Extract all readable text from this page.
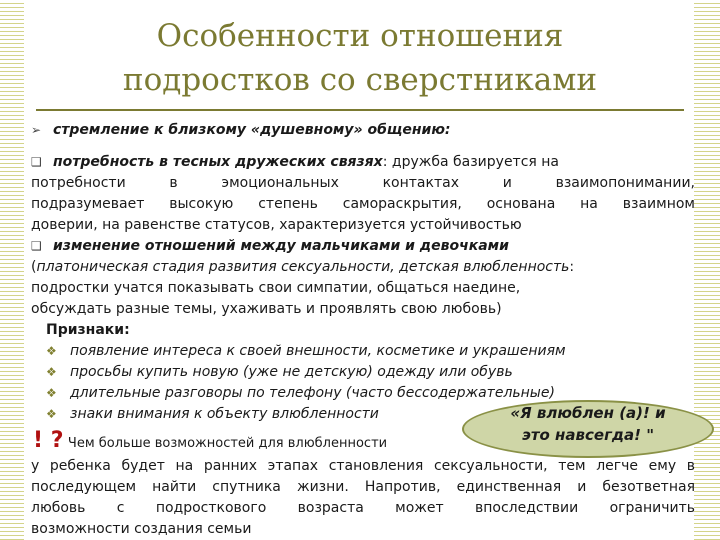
Особенности отношения
подростков со сверстниками
➢ стремление к близкому «душевному» общению:
❑ потребность в тесных дружеских связях: дружба базируется на
потребности в эмоциональных контактах и взаимопонимании,
подразумевает высокую степень самораскрытия, основана на взаимном
доверии, на равенстве статусов, характеризуется устойчивостью
❑ изменение отношений между мальчиками и девочками
(платоническая стадия развития сексуальности, детская влюбленность:
подростки учатся показывать свои симпатии, общаться наедине,
обсуждать разные темы, ухаживать и проявлять свою любовь)
Признаки:
❖ появление интереса к своей внешности, косметике и украшениям
❖ просьбы купить новую (уже не детскую) одежду или обувь
❖ длительные разговоры по телефону (часто бессодержательные)
❖ знаки внимания к объекту влюбленности
! ? Чем больше возможностей для влюбленности
у ребенка будет на ранних этапах становления сексуальности, тем легче ему в
последующем найти спутника жизни. Напротив, единственная и безответная
любовь с подросткового возраста может впоследствии ограничить
возможности создания семьи
«Я влюблен (а)! и
это навсегда! "
